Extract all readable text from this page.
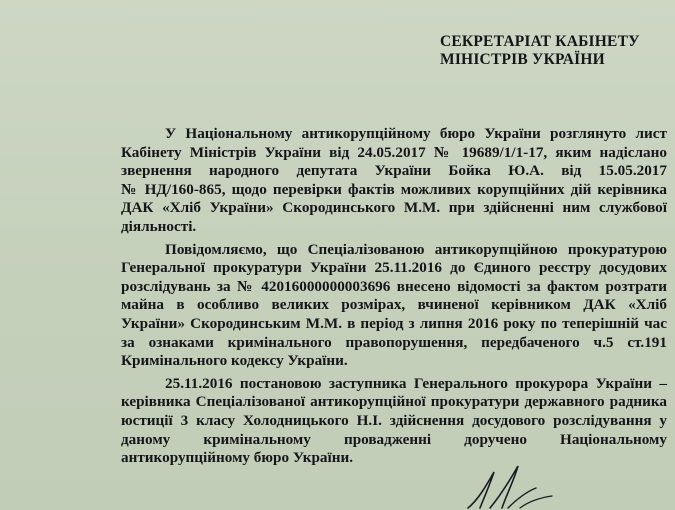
СЕКРЕТАРІАТ КАБІНЕТУ
МІНІСТРІВ УКРАЇНИ
У Національному антикорупційному бюро України розглянуто лист
Кабінету Міністрів України від 24.05.2017 № 19689/1/1-17, яким надіслано
звернення народного депутата України Бойка Ю.А. від 15.05.2017
№ НД/160-865, щодо перевірки фактів можливих корупційних дій керівника
ДАК «Хліб України» Скородинського М.М. при здійсненні ним службової
діяльності.
Повідомляємо, що Спеціалізованою антикорупційною прокуратурою
Генеральної прокуратури України 25.11.2016 до Єдиного реєстру досудових
розслідувань за № 42016000000003696 внесено відомості за фактом розтрати
майна в особливо великих розмірах, вчиненої керівником ДАК «Хліб
України» Скородинським М.М. в період з липня 2016 року по теперішній час
за ознаками кримінального правопорушення, передбаченого ч.5 ст.191
Кримінального кодексу України.
25.11.2016 постановою заступника Генерального прокурора України –
керівника Спеціалізованої антикорупційної прокуратури державного радника
юстиції 3 класу Холодницького Н.І. здійснення досудового розслідування у
даному кримінальному провадженні доручено Національному
антикорупційному бюро України.
